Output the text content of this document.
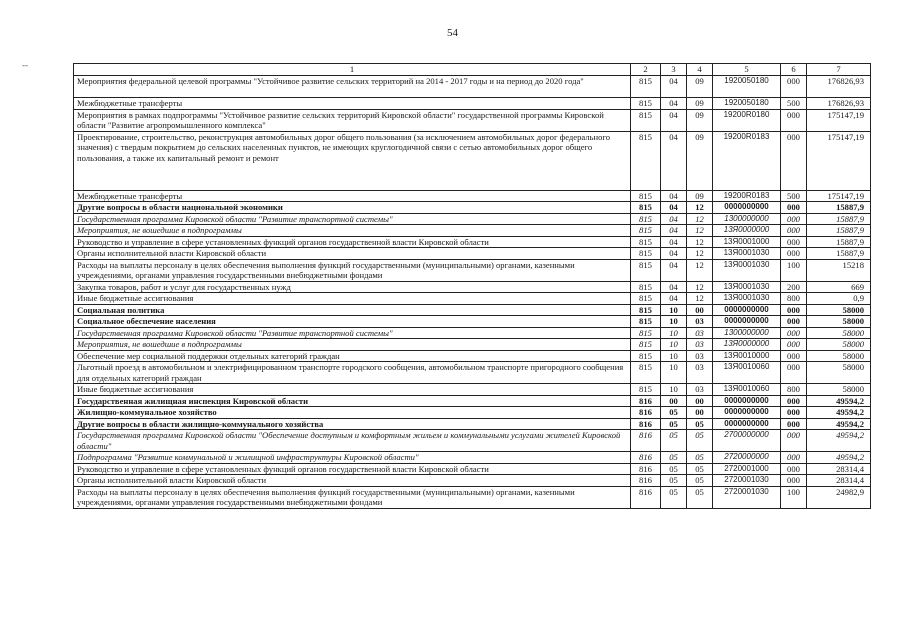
54
--	1	2	3	4	5	6	7
Мероприятия федеральной целевой программы "Устойчивое развитие сельских территорий на 2014 - 2017 годы и на период до 2020 года"	815	04	09	1920050180	000	176826,93
Межбюджетные трансферты	815	04	09	1920050180	500	176826,93
Мероприятия в рамках подпрограммы "Устойчивое развитие сельских территорий Кировской области" государственной программы Кировской области "Развитие агропромышленного комплекса"	815	04	09	19200R0180	000	175147,19
Проектирование, строительство, реконструкция автомобильных дорог общего пользования (за исключением автомобильных дорог федерального значения) с твердым покрытием до сельских населенных пунктов, не имеющих круглогодичной связи с сетью автомобильных дорог общего пользования, а также их капитальный ремонт и ремонт	815	04	09	19200R0183	000	175147,19
Межбюджетные трансферты	815	04	09	19200R0183	500	175147,19
Другие вопросы в области национальной экономики	815	04	12	0000000000	000	15887,9
Государственная программа Кировской области "Развитие транспортной системы"	815	04	12	1300000000	000	15887,9
Мероприятия, не вошедшие в подпрограммы	815	04	12	13Я0000000	000	15887,9
Руководство и управление в сфере установленных функций органов государственной власти Кировской области	815	04	12	13Я0001000	000	15887,9
Органы исполнительной власти Кировской области	815	04	12	13Я0001030	000	15887,9
Расходы на выплаты персоналу в целях обеспечения выполнения функций государственными (муниципальными) органами, казенными учреждениями, органами управления государственными внебюджетными фондами	815	04	12	13Я0001030	100	15218
Закупка товаров, работ и услуг для государственных нужд	815	04	12	13Я0001030	200	669
Иные бюджетные ассигнования	815	04	12	13Я0001030	800	0,9
Социальная политика	815	10	00	0000000000	000	58000
Социальное обеспечение населения	815	10	03	0000000000	000	58000
Государственная программа Кировской области "Развитие транспортной системы"	815	10	03	1300000000	000	58000
Мероприятия, не вошедшие в подпрограммы	815	10	03	13Я0000000	000	58000
Обеспечение мер социальной поддержки отдельных категорий граждан	815	10	03	13Я0010000	000	58000
Льготный проезд в автомобильном и электрифицированном транспорте городского сообщения, автомобильном транспорте пригородного сообщения для отдельных категорий граждан	815	10	03	13Я0010060	000	58000
Иные бюджетные ассигнования	815	10	03	13Я0010060	800	58000
Государственная жилищная инспекция Кировской области	816	00	00	0000000000	000	49594,2
Жилищно-коммунальное хозяйство	816	05	00	0000000000	000	49594,2
Другие вопросы в области жилищно-коммунального хозяйства	816	05	05	0000000000	000	49594,2
Государственная программа Кировской области "Обеспечение доступным и комфортным жильем и коммунальными услугами жителей Кировской области"	816	05	05	2700000000	000	49594,2
Подпрограмма "Развитие коммунальной и жилищной инфраструктуры Кировской области"	816	05	05	2720000000	000	49594,2
Руководство и управление в сфере установленных функций органов государственной власти Кировской области	816	05	05	2720001000	000	28314,4
Органы исполнительной власти Кировской области	816	05	05	2720001030	000	28314,4
Расходы на выплаты персоналу в целях обеспечения выполнения функций государственными (муниципальными) органами, казенными учреждениями, органами управления государственными внебюджетными фондами	816	05	05	2720001030	100	24982,9
